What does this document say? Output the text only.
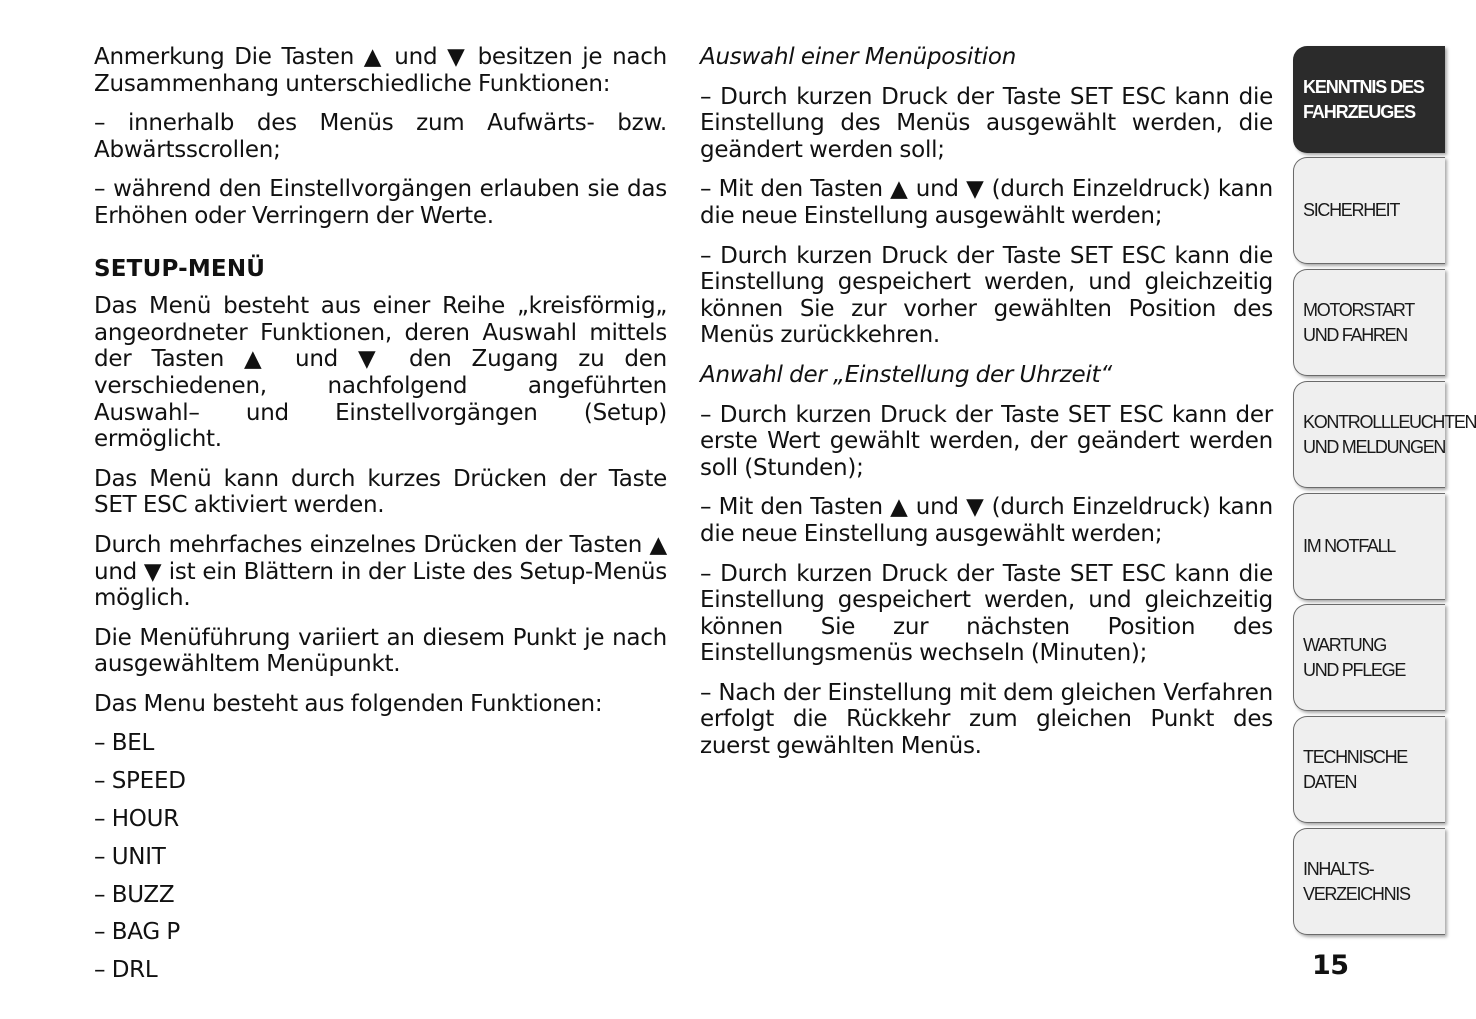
Anmerkung Die Tasten ▲ und ▼ besitzen je nach Zusammenhang unterschiedliche Funktionen:

– innerhalb des Menüs zum Aufwärts- bzw. Abwärtsscrollen;

– während den Einstellvorgängen erlauben sie das Erhöhen oder Verringern der Werte.

SETUP-MENÜ

Das Menü besteht aus einer Reihe „kreisförmig„ angeordneter Funktionen, deren Auswahl mittels der Tasten ▲ und ▼ den Zugang zu den verschiedenen, nachfolgend angeführten Auswahl– und Einstellvorgängen (Setup) ermöglicht.

Das Menü kann durch kurzes Drücken der Taste SET ESC aktiviert werden.

Durch mehrfaches einzelnes Drücken der Tasten ▲ und ▼ ist ein Blättern in der Liste des Setup-Menüs möglich.

Die Menüführung variiert an diesem Punkt je nach ausgewähltem Menüpunkt.

Das Menu besteht aus folgenden Funktionen:

– BEL
– SPEED
– HOUR
– UNIT
– BUZZ
– BAG P
– DRL

Auswahl einer Menüposition

– Durch kurzen Druck der Taste SET ESC kann die Einstellung des Menüs ausgewählt werden, die geändert werden soll;

– Mit den Tasten ▲ und ▼ (durch Einzeldruck) kann die neue Einstellung ausgewählt werden;

– Durch kurzen Druck der Taste SET ESC kann die Einstellung gespeichert werden, und gleichzeitig können Sie zur vorher gewählten Position des Menüs zurückkehren.

Anwahl der „Einstellung der Uhrzeit“

– Durch kurzen Druck der Taste SET ESC kann der erste Wert gewählt werden, der geändert werden soll (Stunden);

– Mit den Tasten ▲ und ▼ (durch Einzeldruck) kann die neue Einstellung ausgewählt werden;

– Durch kurzen Druck der Taste SET ESC kann die Einstellung gespeichert werden, und gleichzeitig können Sie zur nächsten Position des Einstellungsmenüs wechseln (Minuten);

– Nach der Einstellung mit dem gleichen Verfahren erfolgt die Rückkehr zum gleichen Punkt des zuerst gewählten Menüs.

KENNTNIS DES
FAHRZEUGES
SICHERHEIT
MOTORSTART
UND FAHREN
KONTROLLLEUCHTEN
UND MELDUNGEN
IM NOTFALL
WARTUNG
UND PFLEGE
TECHNISCHE DATEN
INHALTS-
VERZEICHNIS
15
